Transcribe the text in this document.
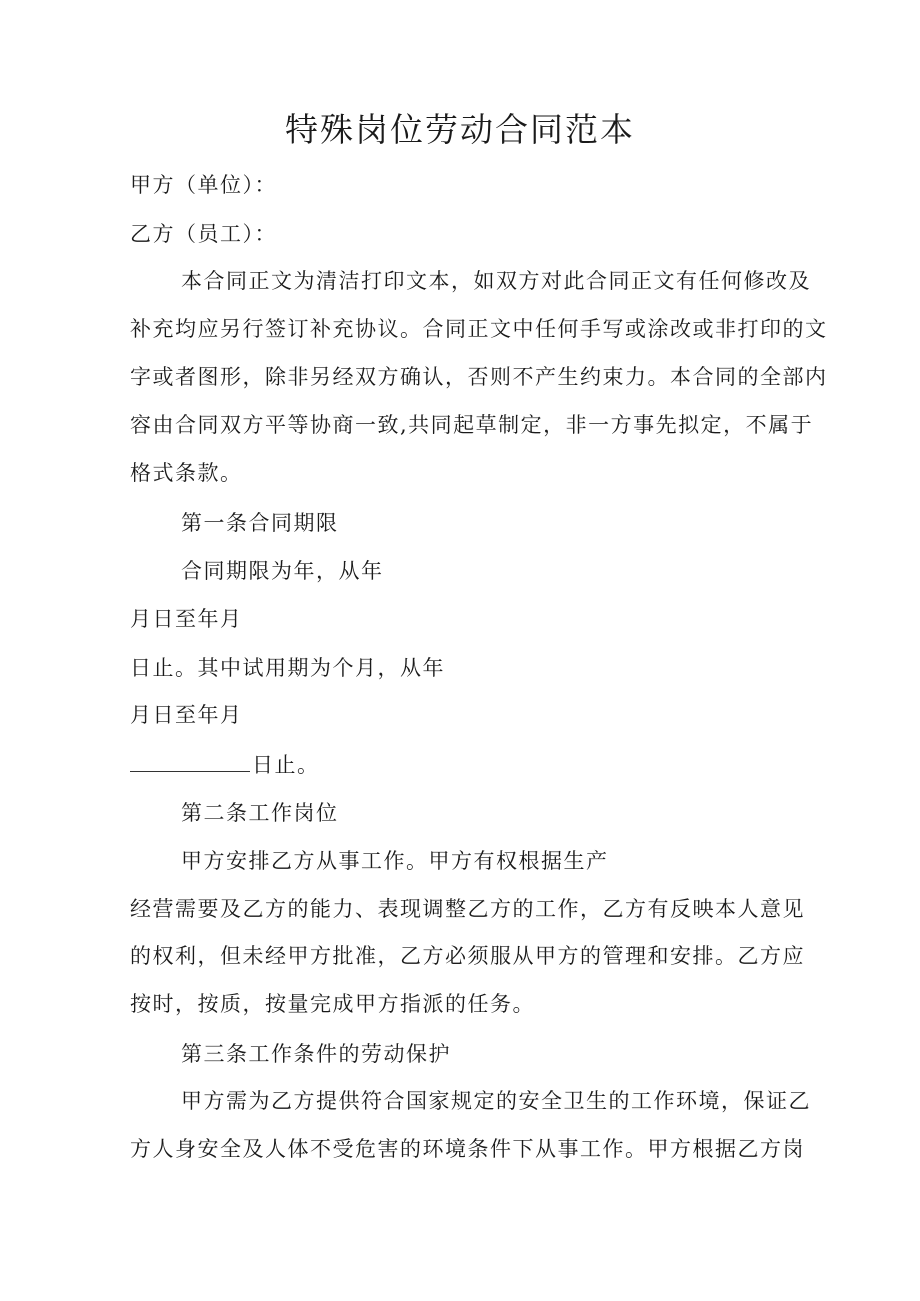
特殊岗位劳动合同范本

甲方（单位）：

乙方（员工）：

本合同正文为清洁打印文本，如双方对此合同正文有任何修改及

补充均应另行签订补充协议。合同正文中任何手写或涂改或非打印的文

字或者图形，除非另经双方确认，否则不产生约束力。本合同的全部内

容由合同双方平等协商一致,共同起草制定，非一方事先拟定，不属于

格式条款。

第一条合同期限

合同期限为年，从年

月日至年月

日止。其中试用期为个月，从年

月日至年月

日止。

第二条工作岗位

甲方安排乙方从事工作。甲方有权根据生产

经营需要及乙方的能力、表现调整乙方的工作，乙方有反映本人意见

的权利，但未经甲方批准，乙方必须服从甲方的管理和安排。乙方应

按时，按质，按量完成甲方指派的任务。

第三条工作条件的劳动保护

甲方需为乙方提供符合国家规定的安全卫生的工作环境，保证乙

方人身安全及人体不受危害的环境条件下从事工作。甲方根据乙方岗
